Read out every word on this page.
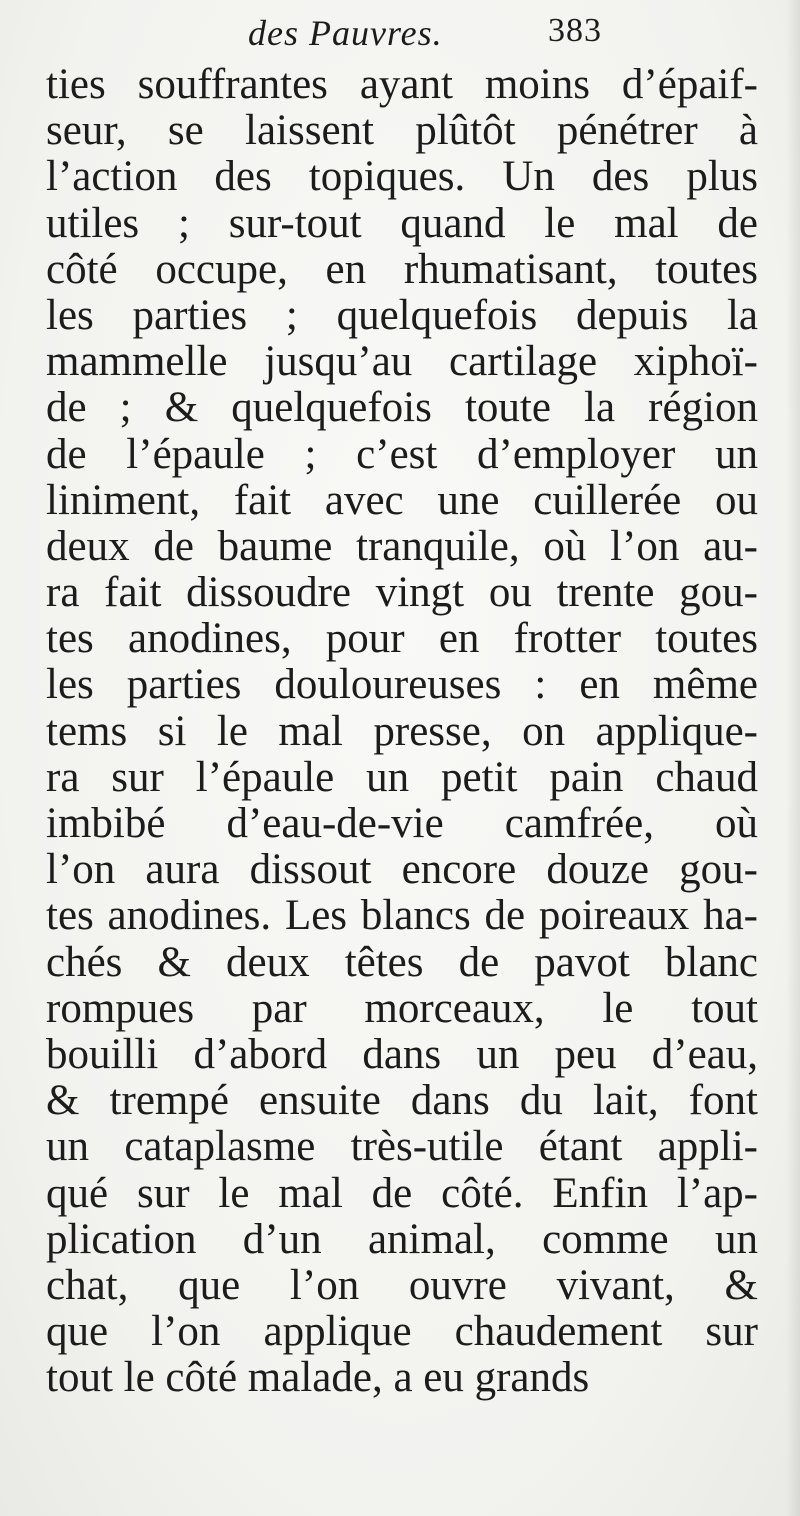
des Pauvres.	383
ties souffrantes ayant moins d’épaif-
seur, se laissent plûtôt pénétrer à
l’action des topiques. Un des plus
utiles ; sur-tout quand le mal de
côté occupe, en rhumatisant, toutes
les parties ; quelquefois depuis la
mammelle jusqu’au cartilage xiphoï-
de ; & quelquefois toute la région
de l’épaule ; c’est d’employer un
liniment, fait avec une cuillerée ou
deux de baume tranquile, où l’on au-
ra fait dissoudre vingt ou trente gou-
tes anodines, pour en frotter toutes
les parties douloureuses : en même
tems si le mal presse, on applique-
ra sur l’épaule un petit pain chaud
imbibé d’eau-de-vie camfrée, où
l’on aura dissout encore douze gou-
tes anodines. Les blancs de poireaux ha-
chés & deux têtes de pavot blanc
rompues par morceaux, le tout
bouilli d’abord dans un peu d’eau,
& trempé ensuite dans du lait, font
un cataplasme très-utile étant appli-
qué sur le mal de côté. Enfin l’ap-
plication d’un animal, comme un
chat, que l’on ouvre vivant, &
que l’on applique chaudement sur
tout le côté malade, a eu grands
